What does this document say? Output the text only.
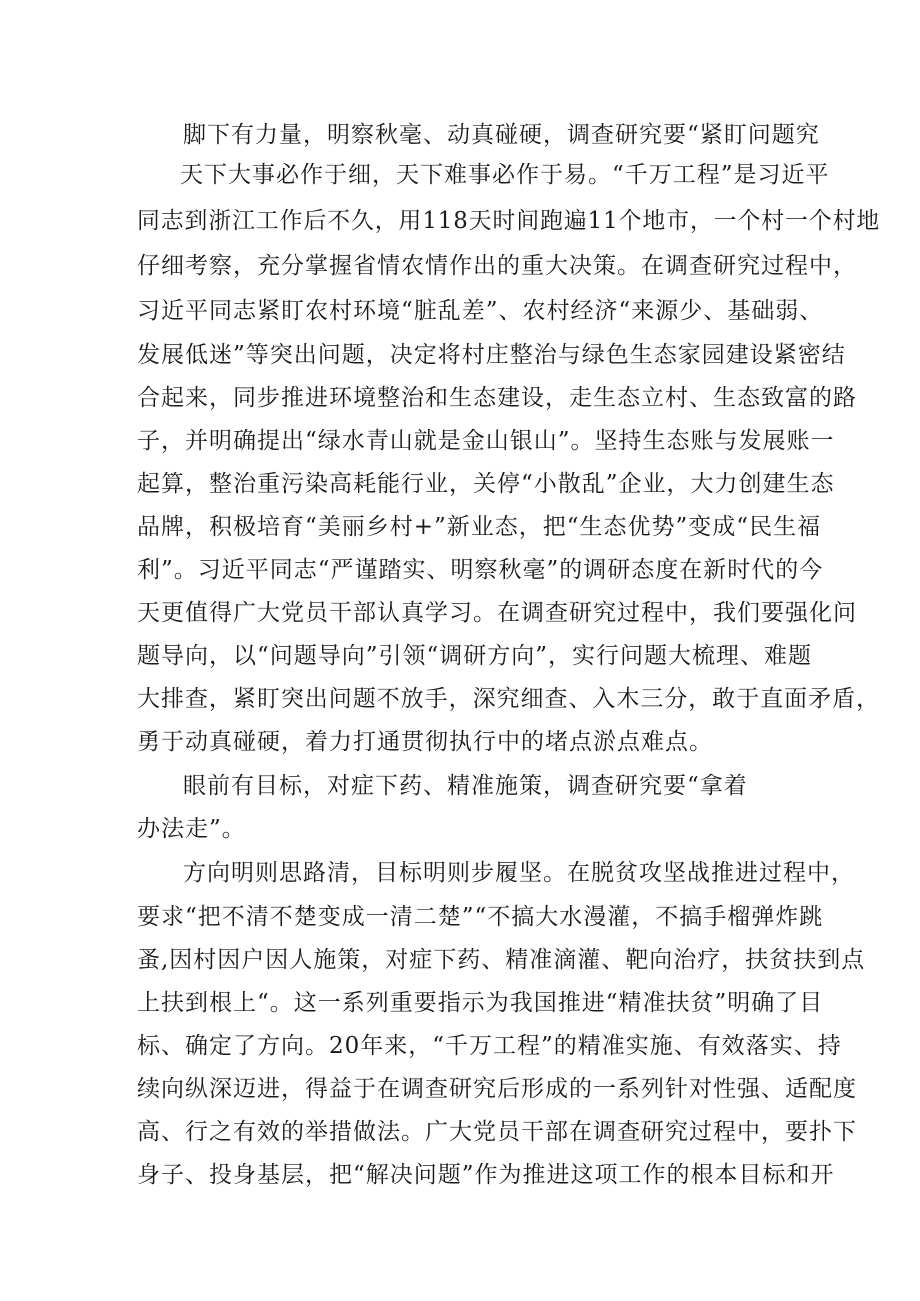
脚下有力量，明察秋毫、动真碰硬，调查研究要“紧盯问题究
天下大事必作于细，天下难事必作于易。“千万工程”是习近平
同志到浙江工作后不久，用118天时间跑遍11个地市，一个村一个村地
仔细考察，充分掌握省情农情作出的重大决策。在调查研究过程中，
习近平同志紧盯农村环境“脏乱差”、农村经济“来源少、基础弱、
发展低迷”等突出问题，决定将村庄整治与绿色生态家园建设紧密结
合起来，同步推进环境整治和生态建设，走生态立村、生态致富的路
子，并明确提出“绿水青山就是金山银山”。坚持生态账与发展账一
起算，整治重污染高耗能行业，关停“小散乱”企业，大力创建生态
品牌，积极培育“美丽乡村+”新业态，把“生态优势”变成“民生福
利”。习近平同志“严谨踏实、明察秋毫”的调研态度在新时代的今
天更值得广大党员干部认真学习。在调查研究过程中，我们要强化问
题导向，以“问题导向”引领“调研方向”，实行问题大梳理、难题
大排查，紧盯突出问题不放手，深究细查、入木三分，敢于直面矛盾，
勇于动真碰硬，着力打通贯彻执行中的堵点淤点难点。
眼前有目标，对症下药、精准施策，调查研究要“拿着
办法走”。
方向明则思路清，目标明则步履坚。在脱贫攻坚战推进过程中，
要求“把不清不楚变成一清二楚”“不搞大水漫灌，不搞手榴弹炸跳
蚤,因村因户因人施策，对症下药、精准滴灌、靶向治疗，扶贫扶到点
上扶到根上“。这一系列重要指示为我国推进“精准扶贫”明确了目
标、确定了方向。20年来，“千万工程”的精准实施、有效落实、持
续向纵深迈进，得益于在调查研究后形成的一系列针对性强、适配度
高、行之有效的举措做法。广大党员干部在调查研究过程中，要扑下
身子、投身基层，把“解决问题”作为推进这项工作的根本目标和开
